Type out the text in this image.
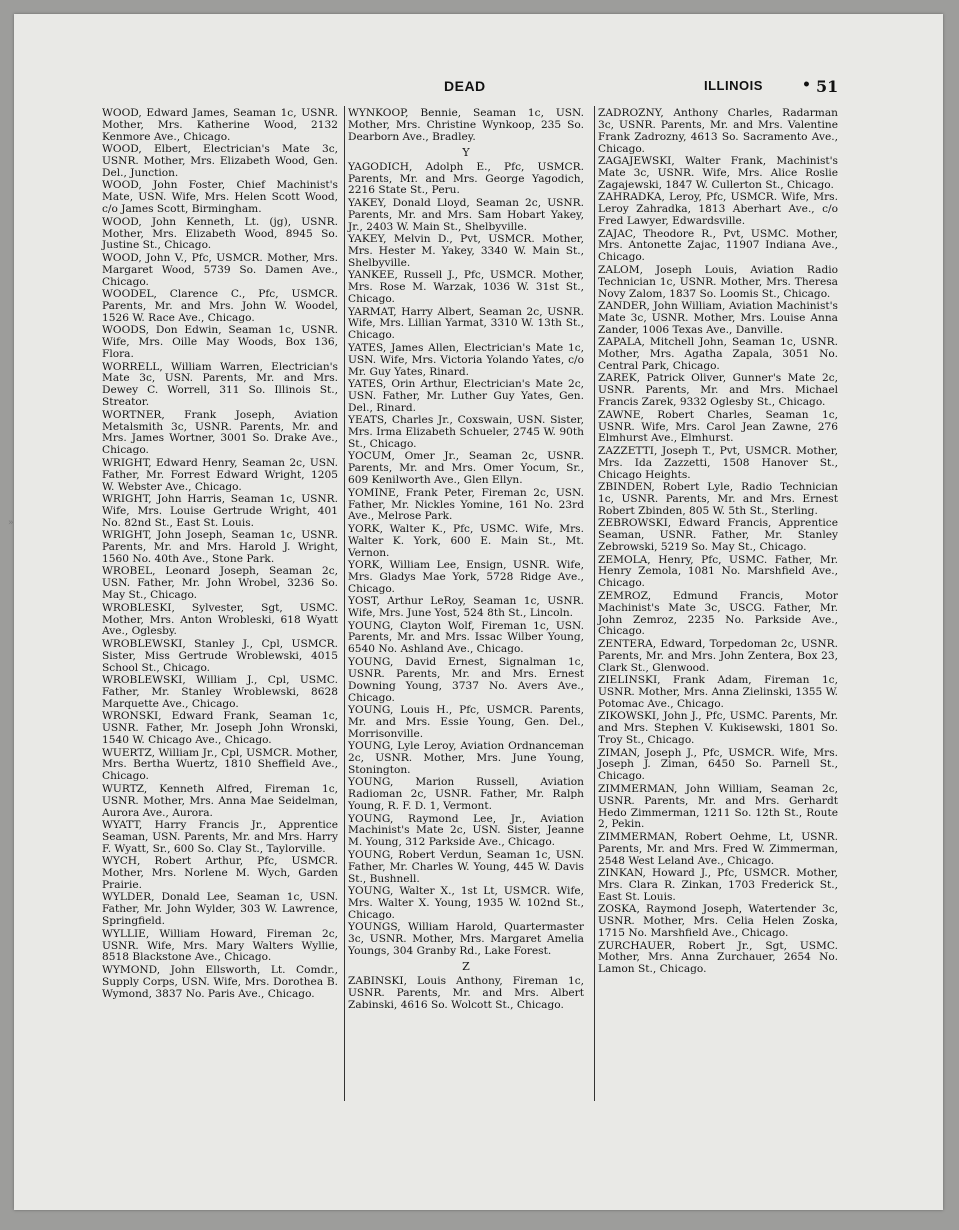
DEAD	ILLINOIS	• 51

WOOD, Edward James, Seaman 1c, USNR. Mother, Mrs. Katherine Wood, 2132 Kenmore Ave., Chicago.

WOOD, Elbert, Electrician's Mate 3c, USNR. Mother, Mrs. Elizabeth Wood, Gen. Del., Junction.

WOOD, John Foster, Chief Machinist's Mate, USN. Wife, Mrs. Helen Scott Wood, c/o James Scott, Birmingham.

WOOD, John Kenneth, Lt. (jg), USNR. Mother, Mrs. Elizabeth Wood, 8945 So. Justine St., Chicago.

WOOD, John V., Pfc, USMCR. Mother, Mrs. Margaret Wood, 5739 So. Damen Ave., Chicago.

WOODEL, Clarence C., Pfc, USMCR. Parents, Mr. and Mrs. John W. Woodel, 1526 W. Race Ave., Chicago.

WOODS, Don Edwin, Seaman 1c, USNR. Wife, Mrs. Oille May Woods, Box 136, Flora.

WORRELL, William Warren, Electrician's Mate 3c, USN. Parents, Mr. and Mrs. Dewey C. Worrell, 311 So. Illinois St., Streator.

WORTNER, Frank Joseph, Aviation Metalsmith 3c, USNR. Parents, Mr. and Mrs. James Wortner, 3001 So. Drake Ave., Chicago.

WRIGHT, Edward Henry, Seaman 2c, USN. Father, Mr. Forrest Edward Wright, 1205 W. Webster Ave., Chicago.

WRIGHT, John Harris, Seaman 1c, USNR. Wife, Mrs. Louise Gertrude Wright, 401 No. 82nd St., East St. Louis.

WRIGHT, John Joseph, Seaman 1c, USNR. Parents, Mr. and Mrs. Harold J. Wright, 1560 No. 40th Ave., Stone Park.

WROBEL, Leonard Joseph, Seaman 2c, USN. Father, Mr. John Wrobel, 3236 So. May St., Chicago.

WROBLESKI, Sylvester, Sgt, USMC. Mother, Mrs. Anton Wrobleski, 618 Wyatt Ave., Oglesby.

WROBLEWSKI, Stanley J., Cpl, USMCR. Sister, Miss Gertrude Wroblewski, 4015 School St., Chicago.

WROBLEWSKI, William J., Cpl, USMC. Father, Mr. Stanley Wroblewski, 8628 Marquette Ave., Chicago.

WRONSKI, Edward Frank, Seaman 1c, USNR. Father, Mr. Joseph John Wronski, 1540 W. Chicago Ave., Chicago.

WUERTZ, William Jr., Cpl, USMCR. Mother, Mrs. Bertha Wuertz, 1810 Sheffield Ave., Chicago.

WURTZ, Kenneth Alfred, Fireman 1c, USNR. Mother, Mrs. Anna Mae Seidelman, Aurora Ave., Aurora.

WYATT, Harry Francis Jr., Apprentice Seaman, USN. Parents, Mr. and Mrs. Harry F. Wyatt, Sr., 600 So. Clay St., Taylorville.

WYCH, Robert Arthur, Pfc, USMCR. Mother, Mrs. Norlene M. Wych, Garden Prairie.

WYLDER, Donald Lee, Seaman 1c, USN. Father, Mr. John Wylder, 303 W. Lawrence, Springfield.

WYLLIE, William Howard, Fireman 2c, USNR. Wife, Mrs. Mary Walters Wyllie, 8518 Blackstone Ave., Chicago.

WYMOND, John Ellsworth, Lt. Comdr., Supply Corps, USN. Wife, Mrs. Dorothea B. Wymond, 3837 No. Paris Ave., Chicago.

WYNKOOP, Bennie, Seaman 1c, USN. Mother, Mrs. Christine Wynkoop, 235 So. Dearborn Ave., Bradley.

Y

YAGODICH, Adolph E., Pfc, USMCR. Parents, Mr. and Mrs. George Yagodich, 2216 State St., Peru.

YAKEY, Donald Lloyd, Seaman 2c, USNR. Parents, Mr. and Mrs. Sam Hobart Yakey, Jr., 2403 W. Main St., Shelbyville.

YAKEY, Melvin D., Pvt, USMCR. Mother, Mrs. Hester M. Yakey, 3340 W. Main St., Shelbyville.

YANKEE, Russell J., Pfc, USMCR. Mother, Mrs. Rose M. Warzak, 1036 W. 31st St., Chicago.

YARMAT, Harry Albert, Seaman 2c, USNR. Wife, Mrs. Lillian Yarmat, 3310 W. 13th St., Chicago.

YATES, James Allen, Electrician's Mate 1c, USN. Wife, Mrs. Victoria Yolando Yates, c/o Mr. Guy Yates, Rinard.

YATES, Orin Arthur, Electrician's Mate 2c, USN. Father, Mr. Luther Guy Yates, Gen. Del., Rinard.

YEATS, Charles Jr., Coxswain, USN. Sister, Mrs. Irma Elizabeth Schueler, 2745 W. 90th St., Chicago.

YOCUM, Omer Jr., Seaman 2c, USNR. Parents, Mr. and Mrs. Omer Yocum, Sr., 609 Kenilworth Ave., Glen Ellyn.

YOMINE, Frank Peter, Fireman 2c, USN. Father, Mr. Nickles Yomine, 161 No. 23rd Ave., Melrose Park.

YORK, Walter K., Pfc, USMC. Wife, Mrs. Walter K. York, 600 E. Main St., Mt. Vernon.

YORK, William Lee, Ensign, USNR. Wife, Mrs. Gladys Mae York, 5728 Ridge Ave., Chicago.

YOST, Arthur LeRoy, Seaman 1c, USNR. Wife, Mrs. June Yost, 524 8th St., Lincoln.

YOUNG, Clayton Wolf, Fireman 1c, USN. Parents, Mr. and Mrs. Issac Wilber Young, 6540 No. Ashland Ave., Chicago.

YOUNG, David Ernest, Signalman 1c, USNR. Parents, Mr. and Mrs. Ernest Downing Young, 3737 No. Avers Ave., Chicago.

YOUNG, Louis H., Pfc, USMCR. Parents, Mr. and Mrs. Essie Young, Gen. Del., Morrisonville.

YOUNG, Lyle Leroy, Aviation Ordnanceman 2c, USNR. Mother, Mrs. June Young, Stonington.

YOUNG, Marion Russell, Aviation Radioman 2c, USNR. Father, Mr. Ralph Young, R. F. D. 1, Vermont.

YOUNG, Raymond Lee, Jr., Aviation Machinist's Mate 2c, USN. Sister, Jeanne M. Young, 312 Parkside Ave., Chicago.

YOUNG, Robert Verdun, Seaman 1c, USN. Father, Mr. Charles W. Young, 445 W. Davis St., Bushnell.

YOUNG, Walter X., 1st Lt, USMCR. Wife, Mrs. Walter X. Young, 1935 W. 102nd St., Chicago.

YOUNGS, William Harold, Quartermaster 3c, USNR. Mother, Mrs. Margaret Amelia Youngs, 304 Granby Rd., Lake Forest.

Z

ZABINSKI, Louis Anthony, Fireman 1c, USNR. Parents, Mr. and Mrs. Albert Zabinski, 4616 So. Wolcott St., Chicago.

ZADROZNY, Anthony Charles, Radarman 3c, USNR. Parents, Mr. and Mrs. Valentine Frank Zadrozny, 4613 So. Sacramento Ave., Chicago.

ZAGAJEWSKI, Walter Frank, Machinist's Mate 3c, USNR. Wife, Mrs. Alice Roslie Zagajewski, 1847 W. Cullerton St., Chicago.

ZAHRADKA, Leroy, Pfc, USMCR. Wife, Mrs. Leroy Zahradka, 1813 Aberhart Ave., c/o Fred Lawyer, Edwardsville.

ZAJAC, Theodore R., Pvt, USMC. Mother, Mrs. Antonette Zajac, 11907 Indiana Ave., Chicago.

ZALOM, Joseph Louis, Aviation Radio Technician 1c, USNR. Mother, Mrs. Theresa Novy Zalom, 1837 So. Loomis St., Chicago.

ZANDER, John William, Aviation Machinist's Mate 3c, USNR. Mother, Mrs. Louise Anna Zander, 1006 Texas Ave., Danville.

ZAPALA, Mitchell John, Seaman 1c, USNR. Mother, Mrs. Agatha Zapala, 3051 No. Central Park, Chicago.

ZAREK, Patrick Oliver, Gunner's Mate 2c, USNR. Parents, Mr. and Mrs. Michael Francis Zarek, 9332 Oglesby St., Chicago.

ZAWNE, Robert Charles, Seaman 1c, USNR. Wife, Mrs. Carol Jean Zawne, 276 Elmhurst Ave., Elmhurst.

ZAZZETTI, Joseph T., Pvt, USMCR. Mother, Mrs. Ida Zazzetti, 1508 Hanover St., Chicago Heights.

ZBINDEN, Robert Lyle, Radio Technician 1c, USNR. Parents, Mr. and Mrs. Ernest Robert Zbinden, 805 W. 5th St., Sterling.

ZEBROWSKI, Edward Francis, Apprentice Seaman, USNR. Father, Mr. Stanley Zebrowski, 5219 So. May St., Chicago.

ZEMOLA, Henry, Pfc, USMC. Father, Mr. Henry Zemola, 1081 No. Marshfield Ave., Chicago.

ZEMROZ, Edmund Francis, Motor Machinist's Mate 3c, USCG. Father, Mr. John Zemroz, 2235 No. Parkside Ave., Chicago.

ZENTERA, Edward, Torpedoman 2c, USNR. Parents, Mr. and Mrs. John Zentera, Box 23, Clark St., Glenwood.

ZIELINSKI, Frank Adam, Fireman 1c, USNR. Mother, Mrs. Anna Zielinski, 1355 W. Potomac Ave., Chicago.

ZIKOWSKI, John J., Pfc, USMC. Parents, Mr. and Mrs. Stephen V. Kukisewski, 1801 So. Troy St., Chicago.

ZIMAN, Joseph J., Pfc, USMCR. Wife, Mrs. Joseph J. Ziman, 6450 So. Parnell St., Chicago.

ZIMMERMAN, John William, Seaman 2c, USNR. Parents, Mr. and Mrs. Gerhardt Hedo Zimmerman, 1211 So. 12th St., Route 2, Pekin.

ZIMMERMAN, Robert Oehme, Lt, USNR. Parents, Mr. and Mrs. Fred W. Zimmerman, 2548 West Leland Ave., Chicago.

ZINKAN, Howard J., Pfc, USMCR. Mother, Mrs. Clara R. Zinkan, 1703 Frederick St., East St. Louis.

ZOSKA, Raymond Joseph, Watertender 3c, USNR. Mother, Mrs. Celia Helen Zoska, 1715 No. Marshfield Ave., Chicago.

ZURCHAUER, Robert Jr., Sgt, USMC. Mother, Mrs. Anna Zurchauer, 2654 No. Lamon St., Chicago.

»
